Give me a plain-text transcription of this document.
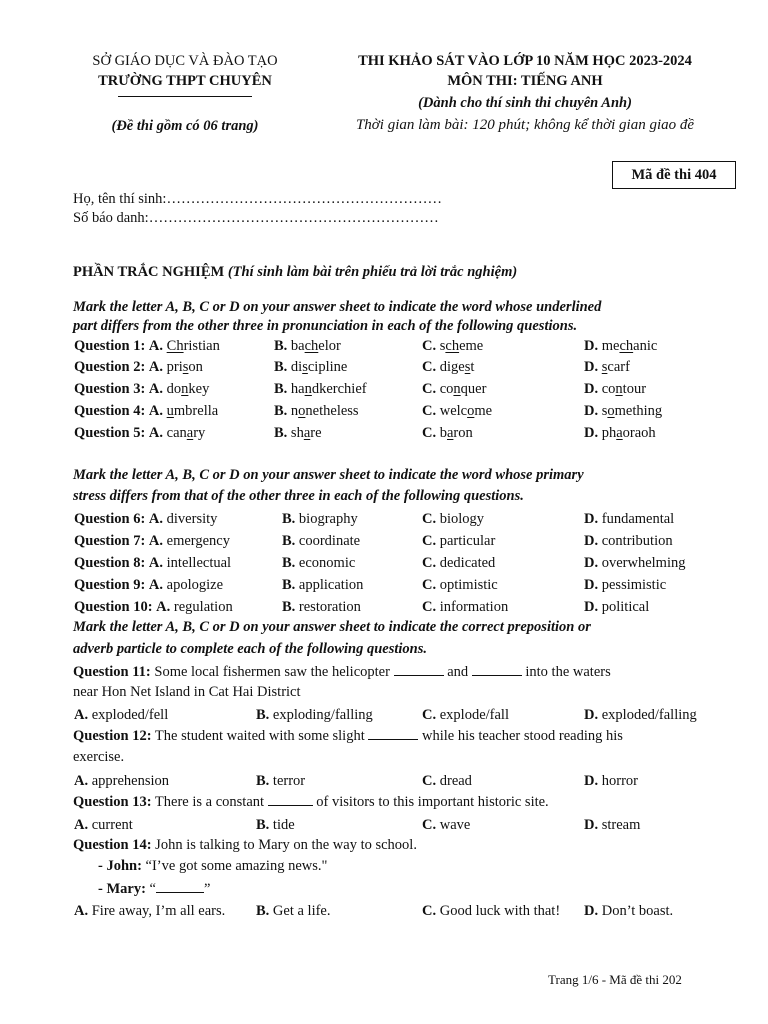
SỞ GIÁO DỤC VÀ ĐÀO TẠO
TRƯỜNG THPT CHUYÊN
(Đề thi gồm có 06 trang)
THI KHẢO SÁT VÀO LỚP 10 NĂM HỌC 2023-2024
MÔN THI: TIẾNG ANH
(Dành cho thí sinh thi chuyên Anh)
Thời gian làm bài: 120 phút; không kể thời gian giao đề
Mã đề thi 404
Họ, tên thí sinh:…………………………………………………
Số báo danh:……………………………………………………
PHẦN TRẮC NGHIỆM (Thí sinh làm bài trên phiếu trả lời trắc nghiệm)
Mark the letter A, B, C or D on your answer sheet to indicate the word whose underlined
part differs from the other three in pronunciation in each of the following questions.
Question 1: A. Christian	B. bachelor	C. scheme	D. mechanic
Question 2: A. prison	B. discipline	C. digest	D. scarf
Question 3: A. donkey	B. handkerchief	C. conquer	D. contour
Question 4: A. umbrella	B. nonetheless	C. welcome	D. something
Question 5: A. canary	B. share	C. baron	D. phaoraoh
Mark the letter A, B, C or D on your answer sheet to indicate the word whose primary
stress differs from that of the other three in each of the following questions.
Question 6: A. diversity	B. biography	C. biology	D. fundamental
Question 7: A. emergency	B. coordinate	C. particular	D. contribution
Question 8: A. intellectual	B. economic	C. dedicated	D. overwhelming
Question 9: A. apologize	B. application	C. optimistic	D. pessimistic
Question 10: A. regulation	B. restoration	C. information	D. political
Mark the letter A, B, C or D on your answer sheet to indicate the correct preposition or
adverb particle to complete each of the following questions.
Question 11: Some local fishermen saw the helicopter	and	into the waters
near Hon Net Island in Cat Hai District
A. exploded/fell	B. exploding/falling	C. explode/fall	D. exploded/falling
Question 12: The student waited with some slight	while his teacher stood reading his
exercise.
A. apprehension	B. terror	C. dread	D. horror
Question 13: There is a constant	of visitors to this important historic site.
A. current	B. tide	C. wave	D. stream
Question 14: John is talking to Mary on the way to school.
- John: “I’ve got some amazing news."
- Mary: “	”
A. Fire away, I’m all ears. B. Get a life.	C. Good luck with that! D. Don’t boast.
Trang 1/6 - Mã đề thi 202
